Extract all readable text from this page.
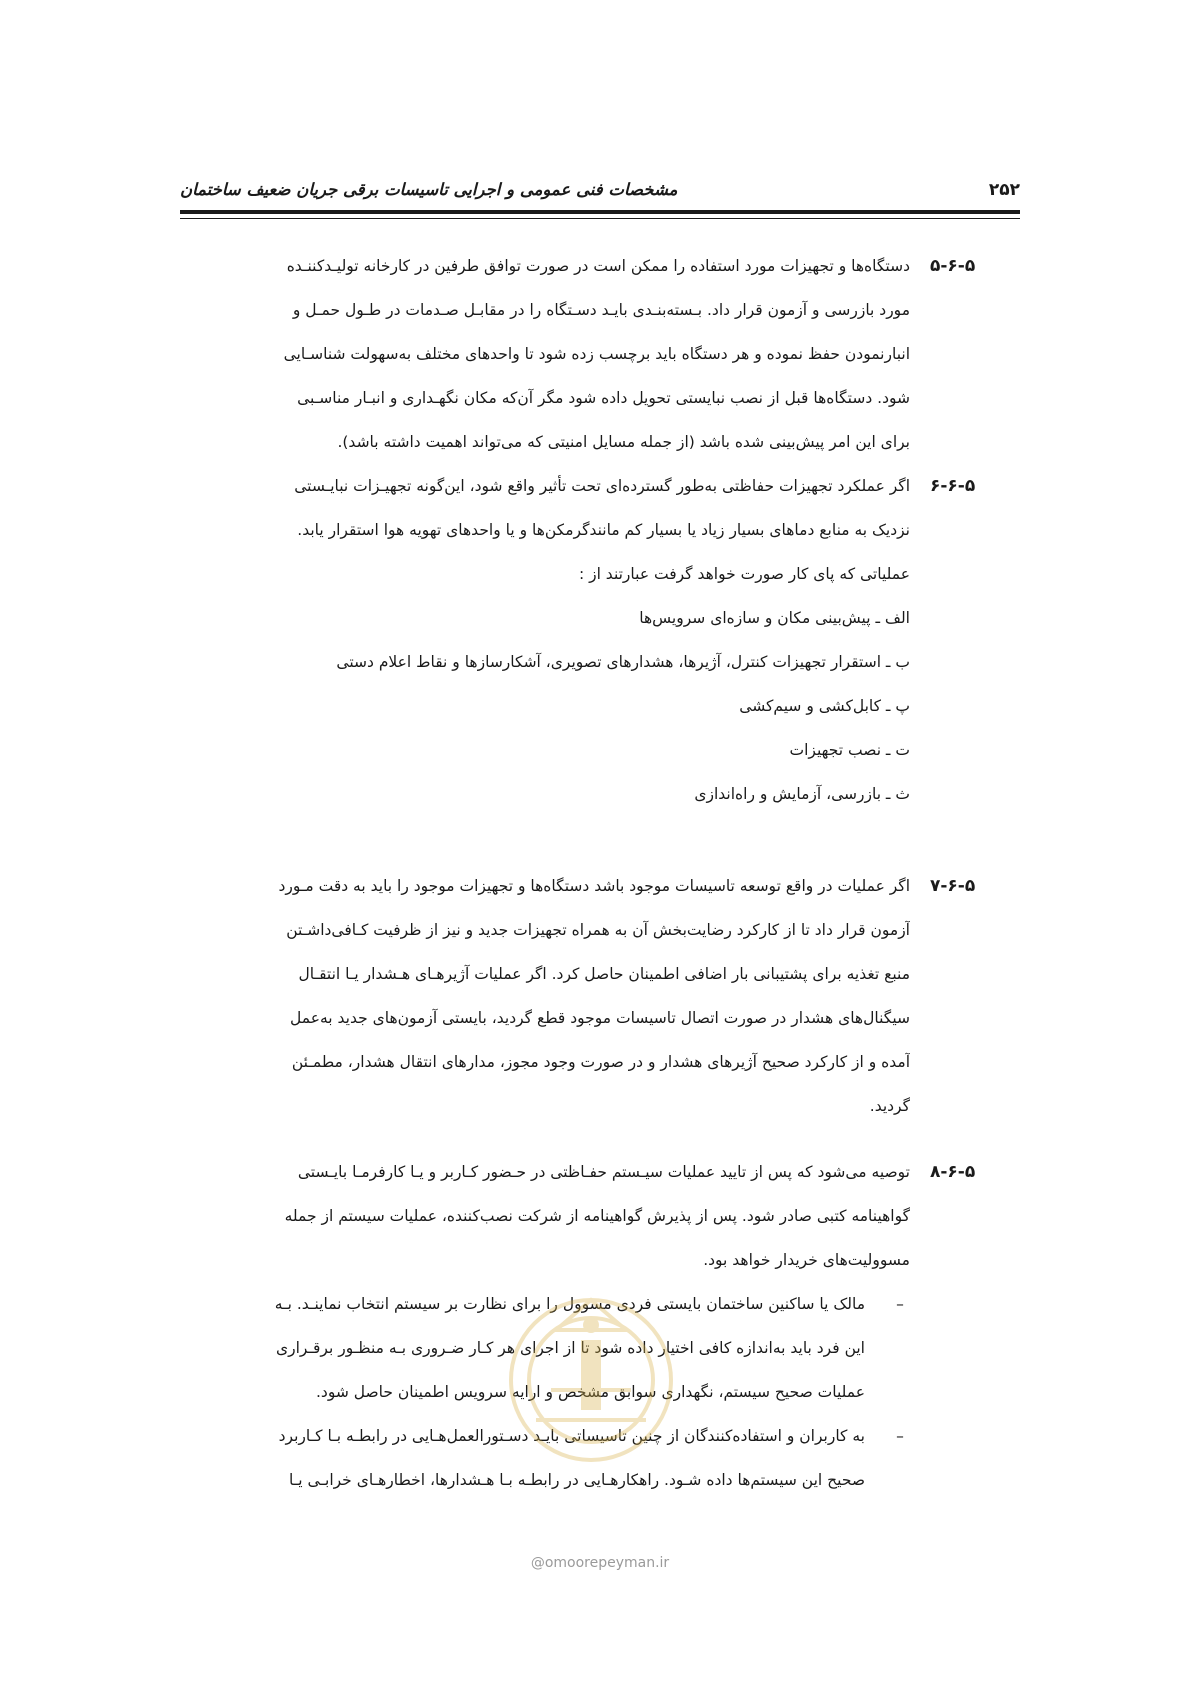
مشخصات فنی عمومی و اجرایی تاسیسات برقی جریان ضعیف ساختمان	۲۵۲
۵-۶-۵
دستگاه‌ها و تجهیزات مورد استفاده را ممکن است در صورت توافق طرفین در کارخانه تولیـدکننـده
مورد بازرسی و آزمون قرار داد. بـسته‌بنـدی بایـد دسـتگاه را در مقابـل صـدمات در طـول حمـل و
انبارنمودن حفظ نموده و هر دستگاه باید برچسب زده شود تا واحدهای مختلف به‌سهولت شناسـایی
شود. دستگاه‌ها قبل از نصب نبایستی تحویل داده شود مگر آن‌که مکان نگهـداری و انبـار مناسـبی
برای این امر پیش‌بینی شده باشد (از جمله مسایل امنیتی که می‌تواند اهمیت داشته باشد).
۶-۶-۵
اگر عملکرد تجهیزات حفاظتی به‌طور گسترده‌ای تحت تأثیر واقع شود، این‌گونه تجهیـزات نبایـستی
نزدیک به منابع دماهای بسیار زیاد یا بسیار کم مانندگرمکن‌ها و یا واحدهای تهویه هوا استقرار یابد.
عملیاتی که پای کار صورت خواهد گرفت عبارتند از :
الف ـ پیش‌بینی مکان و سازه‌ای سرویس‌ها
ب ـ استقرار تجهیزات کنترل، آژیرها، هشدارهای تصویری، آشکارسازها و نقاط اعلام دستی
پ ـ کابل‌کشی و سیم‌کشی
ت ـ نصب تجهیزات
ث ـ بازرسی، آزمایش و راه‌اندازی
۷-۶-۵
اگر عملیات در واقع توسعه تاسیسات موجود باشد دستگاه‌ها و تجهیزات موجود را باید به دقت مـورد
آزمون قرار داد تا از کارکرد رضایت‌بخش آن به همراه تجهیزات جدید و نیز از ظرفیت کـافی‌داشـتن
منبع تغذیه برای پشتیبانی بار اضافی اطمینان حاصل کرد. اگر عملیات آژیرهـای هـشدار یـا انتقـال
سیگنال‌های هشدار در صورت اتصال تاسیسات موجود قطع گردید، بایستی آزمون‌های جدید به‌عمل
آمده و از کارکرد صحیح آژیرهای هشدار و در صورت وجود مجوز، مدارهای انتقال هشدار، مطمـئن
گردید.
۸-۶-۵
توصیه می‌شود که پس از تایید عملیات سیـستم حفـاظتی در حـضور کـاربر و یـا کارفرمـا بایـستی
گواهینامه کتبی صادر شود. پس از پذیرش گواهینامه از شرکت نصب‌کننده، عملیات سیستم از جمله
مسوولیت‌های خریدار خواهد بود.
–
مالک یا ساکنین ساختمان بایستی فردی مسوول را برای نظارت بر سیستم انتخاب نماینـد. بـه
این فرد باید به‌اندازه کافی اختیار داده شود تا از اجرای هر کـار ضـروری بـه منظـور برقـراری
عملیات صحیح سیستم، نگهداری سوابق مشخص و ارایه سرویس اطمینان حاصل شود.
–
به کاربران و استفاده‌کنندگان از چنین تاسیساتی بایـد دسـتورالعمل‌هـایی در رابطـه بـا کـاربرد
صحیح این سیستم‌ها داده شـود. راهکارهـایی در رابطـه بـا هـشدارها، اخطارهـای خرابـی یـا
@omoorepeyman.ir
